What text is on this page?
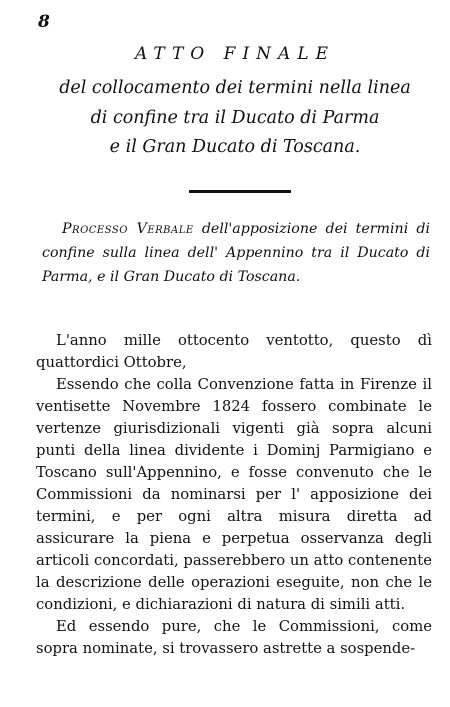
8
ATTO FINALE
del collocamento dei termini nella linea
di confine tra il Ducato di Parma
e il Gran Ducato di Toscana.
Processo Verbale dell'apposizione dei termini di confine sulla linea dell' Appennino tra il Ducato di Parma, e il Gran Ducato di Toscana.

L'anno mille ottocento ventotto, questo dì quattordici Ottobre,

Essendo che colla Convenzione fatta in Firenze il ventisette Novembre 1824 fossero combinate le vertenze giurisdizionali vigenti già sopra alcuni punti della linea dividente i Dominj Parmigiano e Toscano sull'Appennino, e fosse convenuto che le Commissioni da nominarsi per l' apposizione dei termini, e per ogni altra misura diretta ad assicurare la piena e perpetua osservanza degli articoli concordati, passerebbero un atto contenente la descrizione delle operazioni eseguite, non che le condizioni, e dichiarazioni di natura di simili atti.

Ed essendo pure, che le Commissioni, come sopra nominate, si trovassero astrette a sospende-
